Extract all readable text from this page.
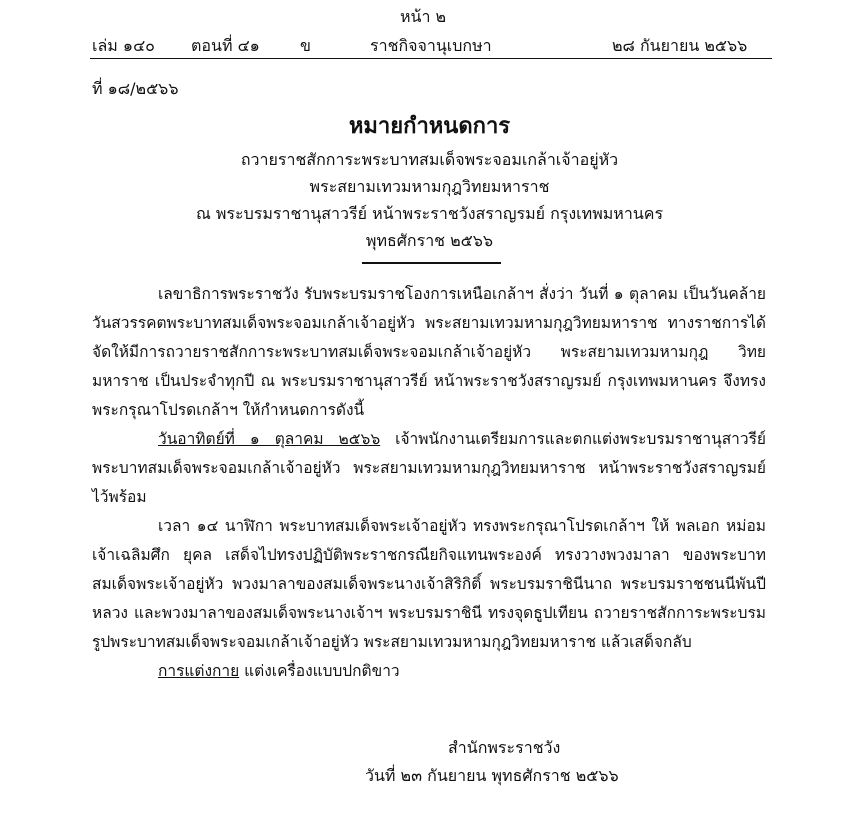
หน้า ๒
เล่ม ๑๔๐ ตอนที่ ๔๑	ข	ราชกิจจานุเบกษา	๒๘ กันยายน ๒๕๖๖
ที่ ๑๘/๒๕๖๖
หมายกำหนดการ
ถวายราชสักการะพระบาทสมเด็จพระจอมเกล้าเจ้าอยู่หัว
พระสยามเทวมหามกุฎวิทยมหาราช
ณ พระบรมราชานุสาวรีย์ หน้าพระราชวังสราญรมย์ กรุงเทพมหานคร
พุทธศักราช ๒๕๖๖

เลขาธิการพระราชวัง รับพระบรมราชโองการเหนือเกล้าฯ สั่งว่า วันที่ ๑ ตุลาคม เป็นวันคล้ายวันสวรรคตพระบาทสมเด็จพระจอมเกล้าเจ้าอยู่หัว พระสยามเทวมหามกุฎวิทยมหาราช ทางราชการได้จัดให้มีการถวายราชสักการะพระบาทสมเด็จพระจอมเกล้าเจ้าอยู่หัว พระสยามเทวมหามกุฎ วิทยมหาราช เป็นประจำทุกปี ณ พระบรมราชานุสาวรีย์ หน้าพระราชวังสราญรมย์ กรุงเทพมหานคร จึงทรงพระกรุณาโปรดเกล้าฯ ให้กำหนดการดังนี้

วันอาทิตย์ที่ ๑ ตุลาคม ๒๕๖๖ เจ้าพนักงานเตรียมการและตกแต่งพระบรมราชานุสาวรีย์ พระบาทสมเด็จพระจอมเกล้าเจ้าอยู่หัว พระสยามเทวมหามกุฎวิทยมหาราช หน้าพระราชวังสราญรมย์ ไว้พร้อม

เวลา ๑๔ นาฬิกา พระบาทสมเด็จพระเจ้าอยู่หัว ทรงพระกรุณาโปรดเกล้าฯ ให้ พลเอก หม่อมเจ้าเฉลิมศึก ยุคล เสด็จไปทรงปฏิบัติพระราชกรณียกิจแทนพระองค์ ทรงวางพวงมาลา ของพระบาทสมเด็จพระเจ้าอยู่หัว พวงมาลาของสมเด็จพระนางเจ้าสิริกิติ์ พระบรมราชินีนาถ พระบรมราชชนนีพันปีหลวง และพวงมาลาของสมเด็จพระนางเจ้าฯ พระบรมราชินี ทรงจุดธูปเทียน ถวายราชสักการะพระบรมรูปพระบาทสมเด็จพระจอมเกล้าเจ้าอยู่หัว พระสยามเทวมหามกุฎวิทยมหาราช แล้วเสด็จกลับ

การแต่งกาย แต่งเครื่องแบบปกติขาว

สำนักพระราชวัง
วันที่ ๒๓ กันยายน พุทธศักราช ๒๕๖๖
